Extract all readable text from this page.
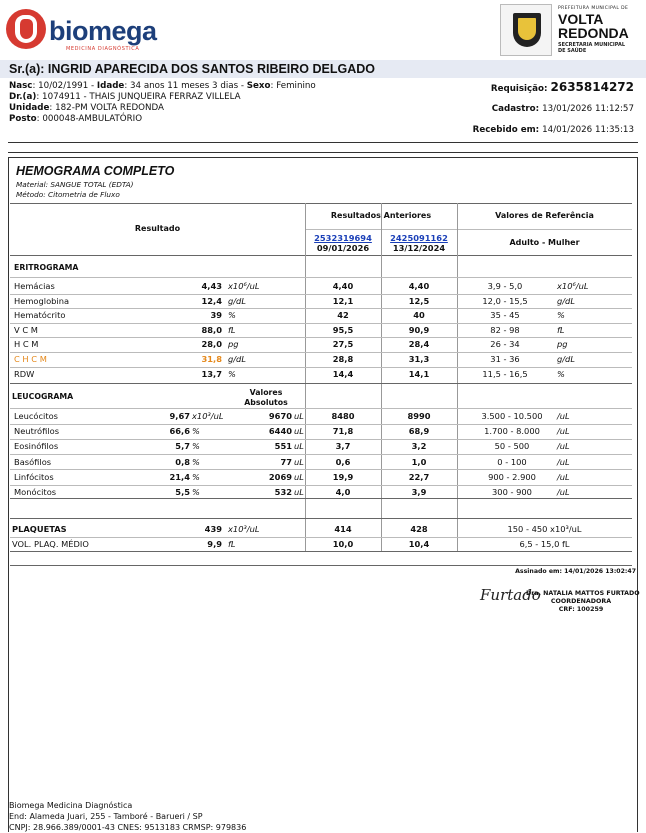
biomega
MEDICINA DIAGNÓSTICA
PREFEITURA MUNICIPAL DE
VOLTA
REDONDA
SECRETARIA MUNICIPAL
DE SAÚDE
Sr.(a): INGRID APARECIDA DOS SANTOS RIBEIRO DELGADO
Nasc: 10/02/1991 - Idade: 34 anos 11 meses 3 dias - Sexo: Feminino
Dr.(a): 1074911 - THAIS JUNQUEIRA FERRAZ VILLELA
Unidade: 182-PM VOLTA REDONDA
Posto: 000048-AMBULATÓRIO
Requisição: 2635814272
Cadastro: 13/01/2026 11:12:57
Recebido em: 14/01/2026 11:35:13
HEMOGRAMA COMPLETO
Material: SANGUE TOTAL (EDTA)
Método: Citometria de Fluxo
Resultado
Resultados Anteriores	Valores de Referência
2532319694
09/01/2026
2425091162
13/12/2024
Adulto - Mulher
ERITROGRAMA
Hemácias	4,43 x10⁶/uL	4,40	4,40	3,9 - 5,0	x10⁶/uL
Hemoglobina	12,4 g/dL	12,1	12,5	12,0 - 15,5	g/dL
Hematócrito	39 %	42	40	35 - 45	%
V C M	88,0 fL	95,5	90,9	82 - 98	fL
H C M	28,0 pg	27,5	28,4	26 - 34	pg
C H C M	31,8 g/dL	28,8	31,3	31 - 36	g/dL
RDW	13,7 %	14,4	14,1	11,5 - 16,5	%
LEUCOGRAMA	Valores
Absolutos
Leucócitos	9,67 x10³/uL	9670 uL	8480	8990	3.500 - 10.500	/uL
Neutrófilos	66,6 %	6440 uL	71,8	68,9	1.700 - 8.000	/uL
Eosinófilos	5,7 %	551 uL	3,7	3,2	50 - 500	/uL
Basófilos	0,8 %	77 uL	0,6	1,0	0 - 100	/uL
Linfócitos	21,4 %	2069 uL	19,9	22,7	900 - 2.900	/uL
Monócitos	5,5 %	532 uL	4,0	3,9	300 - 900	/uL
PLAQUETAS	439 x10³/uL	414	428	150 - 450 x10³/uL
VOL. PLAQ. MÉDIO	9,9 fL	10,0	10,4	6,5 - 15,0 fL
Assinado em: 14/01/2026 13:02:47
Furtado
Dra. NATALIA MATTOS FURTADO
COORDENADORA
CRF: 100259
Biomega Medicina Diagnóstica
End: Alameda Juari, 255 - Tamboré - Barueri / SP
CNPJ: 28.966.389/0001-43 CNES: 9513183 CRMSP: 979836
